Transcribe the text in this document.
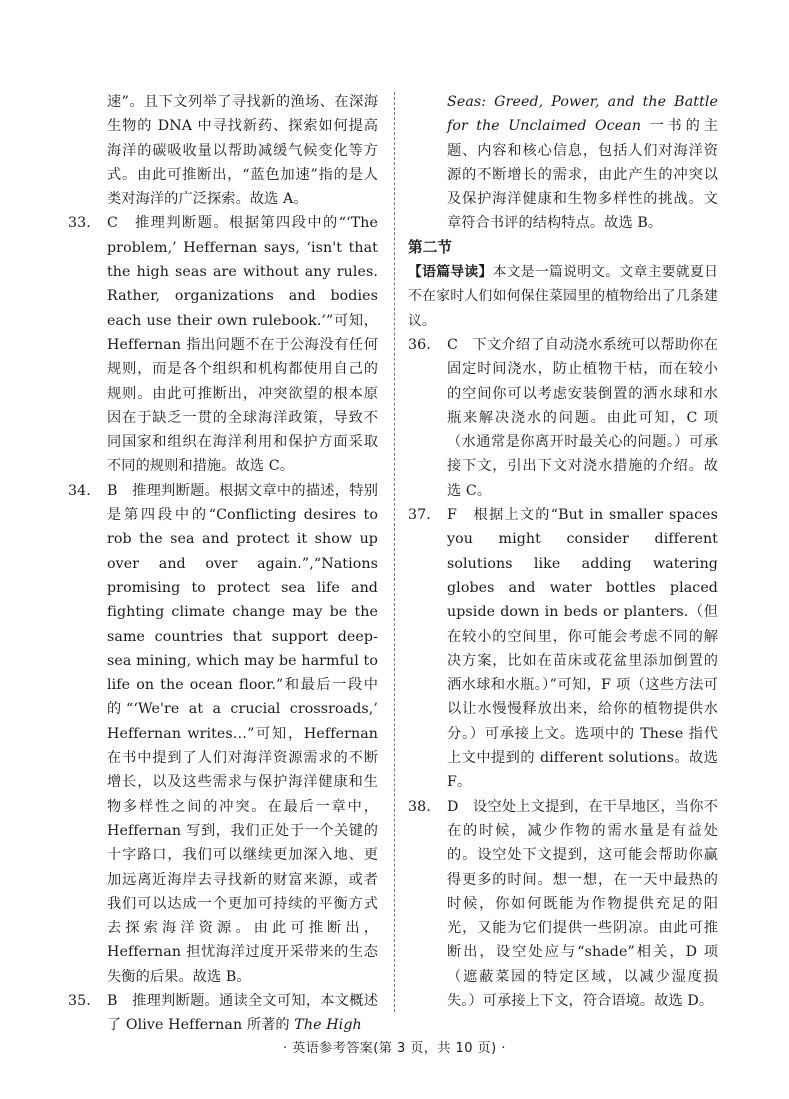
速”。且下文列举了寻找新的渔场、在深海生物的 DNA 中寻找新药、探索如何提高海洋的碳吸收量以帮助减缓气候变化等方式。由此可推断出，“蓝色加速”指的是人类对海洋的广泛探索。故选 A。

33. C　推理判断题。根据第四段中的“‘The problem,’ Heffernan says, ‘isn't that the high seas are without any rules. Rather, organizations and bodies each use their own rulebook.’”可知，Heffernan 指出问题不在于公海没有任何规则，而是各个组织和机构都使用自己的规则。由此可推断出，冲突欲望的根本原因在于缺乏一贯的全球海洋政策，导致不同国家和组织在海洋利用和保护方面采取不同的规则和措施。故选 C。
34. B　推理判断题。根据文章中的描述，特别是第四段中的“Conflicting desires to rob the sea and protect it show up over and over again.”,“Nations promising to protect sea life and fighting climate change may be the same countries that support deep-sea mining, which may be harmful to life on the ocean floor.”和最后一段中的“‘We're at a crucial crossroads,’ Heffernan writes…”可知，Heffernan 在书中提到了人们对海洋资源需求的不断增长，以及这些需求与保护海洋健康和生物多样性之间的冲突。在最后一章中，Heffernan 写到，我们正处于一个关键的十字路口，我们可以继续更加深入地、更加远离近海岸去寻找新的财富来源，或者我们可以达成一个更加可持续的平衡方式去探索海洋资源。由此可推断出，Heffernan 担忧海洋过度开采带来的生态失衡的后果。故选 B。
35. B　推理判断题。通读全文可知，本文概述了 Olive Heffernan 所著的 The High

Seas: Greed, Power, and the Battle for the Unclaimed Ocean 一书的主题、内容和核心信息，包括人们对海洋资源的不断增长的需求，由此产生的冲突以及保护海洋健康和生物多样性的挑战。文章符合书评的结构特点。故选 B。

第二节

【语篇导读】本文是一篇说明文。文章主要就夏日不在家时人们如何保住菜园里的植物给出了几条建议。

36. C　下文介绍了自动浇水系统可以帮助你在固定时间浇水，防止植物干枯，而在较小的空间你可以考虑安装倒置的洒水球和水瓶来解决浇水的问题。由此可知，C 项（水通常是你离开时最关心的问题。）可承接下文，引出下文对浇水措施的介绍。故选 C。
37. F　根据上文的“But in smaller spaces you might consider different solutions like adding watering globes and water bottles placed upside down in beds or planters.（但在较小的空间里，你可能会考虑不同的解决方案，比如在苗床或花盆里添加倒置的洒水球和水瓶。）”可知，F 项（这些方法可以让水慢慢释放出来，给你的植物提供水分。）可承接上文。选项中的 These 指代上文中提到的 different solutions。故选 F。
38. D　设空处上文提到，在干旱地区，当你不在的时候，减少作物的需水量是有益处的。设空处下文提到，这可能会帮助你赢得更多的时间。想一想，在一天中最热的时候，你如何既能为作物提供充足的阳光，又能为它们提供一些阴凉。由此可推断出，设空处应与“shade”相关，D 项（遮蔽菜园的特定区域，以减少湿度损失。）可承接上下文，符合语境。故选 D。
· 英语参考答案(第 3 页，共 10 页) ·
